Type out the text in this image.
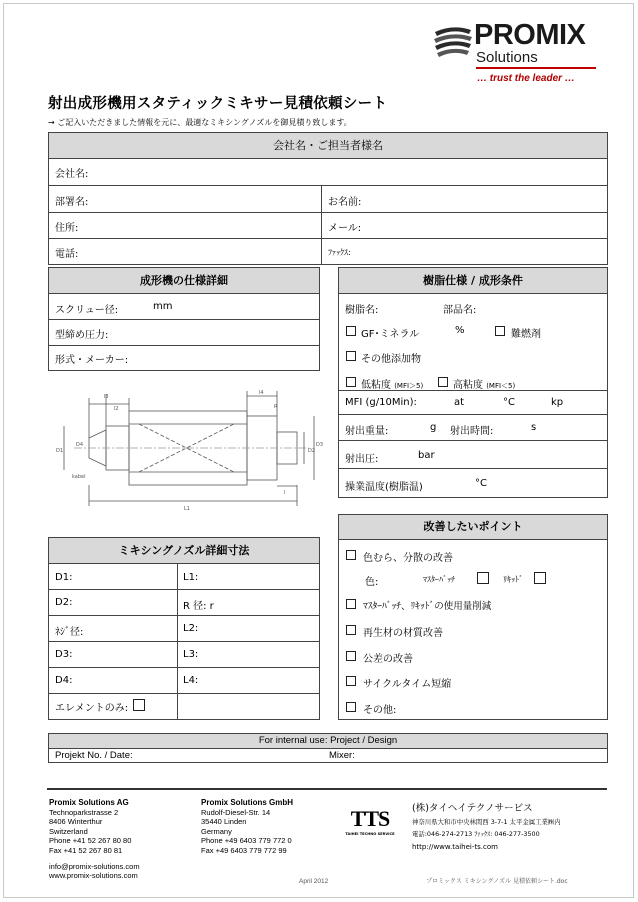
PROMIX
Solutions
… trust the leader …
射出成形機用スタティックミキサー見積依頼シート
→ ご記入いただきました情報を元に、最適なミキシングノズルを御見積り致します。
会社名・ご担当者様名
会社名:
部署名:	お名前:
住所:	メール:
電話:	ﾌｧｯｸｽ:
成形機の仕様詳細
スクリュー径:	mm
型締め圧力:
形式・メーカー:
樹脂仕様 / 成形条件
樹脂名:	部品名:
GF･ミネラル	%	難燃剤
その他添加物
低粘度 (MFI＞5)	高粘度 (MFI＜5)
MFI (g/10Min):	at	°C	kp
射出重量:	g 射出時間:	s
射出圧:	bar
操業温度(樹脂温)	°C
l3
l2
l4
D1	D2
D3
D4
L1
l
R
kabel
ミキシングノズル詳細寸法
D1:	L1:
D2:	R 径: r
ﾈｼﾞ径:	L2:
D3:	L3:
D4:	L4:
エレメントのみ:
改善したいポイント
色むら、分散の改善
色:	ﾏｽﾀｰﾊﾞｯﾁ	ﾘｷｯﾄﾞ
ﾏｽﾀｰﾊﾞｯﾁ、ﾘｷｯﾄﾞの使用量削減
再生材の材質改善
公差の改善
サイクルタイム短縮
その他:
For internal use: Project / Design
Projekt No. / Date:	Mixer:
Promix Solutions AG
Technoparkstrasse 2
8406 Winterthur
Switzerland
Phone +41 52 267 80 80
Fax +41 52 267 80 81
info@promix-solutions.com
www.promix-solutions.com
Promix Solutions GmbH
Rudolf-Diesel-Str. 14
35440 Linden
Germany
Phone +49 6403 779 772 0
Fax +49 6403 779 772 99
TTS
TAIHEI TECHNO SERVICE
(株)タイヘイテクノサービス
神奈川県大和市中央林間西 3-7-1 太平金属工業㈱内
電話:046-274-2713 ﾌｧｯｸｽ: 046-277-3500
http://www.taihei-ts.com
April 2012	プロミックス ミキシングノズル 見積依頼シート.doc
